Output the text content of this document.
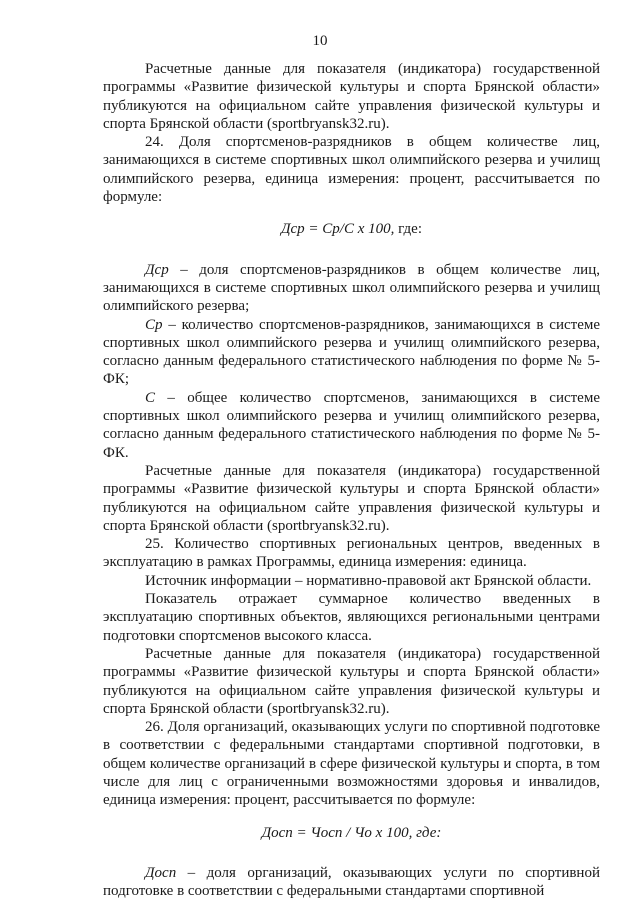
10

Расчетные данные для показателя (индикатора) государственной программы «Развитие физической культуры и спорта Брянской области» публикуются на официальном сайте управления физической культуры и спорта Брянской области (sportbryansk32.ru).

24. Доля спортсменов-разрядников в общем количестве лиц, занимающихся в системе спортивных школ олимпийского резерва и училищ олимпийского резерва, единица измерения: процент, рассчитывается по формуле:

Дср = Ср/С х 100, где:

Дср – доля спортсменов-разрядников в общем количестве лиц, занимающихся в системе спортивных школ олимпийского резерва и училищ олимпийского резерва;

Ср – количество спортсменов-разрядников, занимающихся в системе спортивных школ олимпийского резерва и училищ олимпийского резерва, согласно данным федерального статистического наблюдения по форме № 5-ФК;

С – общее количество спортсменов, занимающихся в системе спортивных школ олимпийского резерва и училищ олимпийского резерва, согласно данным федерального статистического наблюдения по форме № 5-ФК.

Расчетные данные для показателя (индикатора) государственной программы «Развитие физической культуры и спорта Брянской области» публикуются на официальном сайте управления физической культуры и спорта Брянской области (sportbryansk32.ru).

25. Количество спортивных региональных центров, введенных в эксплуатацию в рамках Программы, единица измерения: единица.

Источник информации – нормативно-правовой акт Брянской области.

Показатель отражает суммарное количество введенных в эксплуатацию спортивных объектов, являющихся региональными центрами подготовки спортсменов высокого класса.

Расчетные данные для показателя (индикатора) государственной программы «Развитие физической культуры и спорта Брянской области» публикуются на официальном сайте управления физической культуры и спорта Брянской области (sportbryansk32.ru).

26. Доля организаций, оказывающих услуги по спортивной подготовке в соответствии с федеральными стандартами спортивной подготовки, в общем количестве организаций в сфере физической культуры и спорта, в том числе для лиц с ограниченными возможностями здоровья и инвалидов, единица измерения: процент, рассчитывается по формуле:

Досп = Чосп / Чо х 100, где:

Досп – доля организаций, оказывающих услуги по спортивной подготовке в соответствии с федеральными стандартами спортивной
